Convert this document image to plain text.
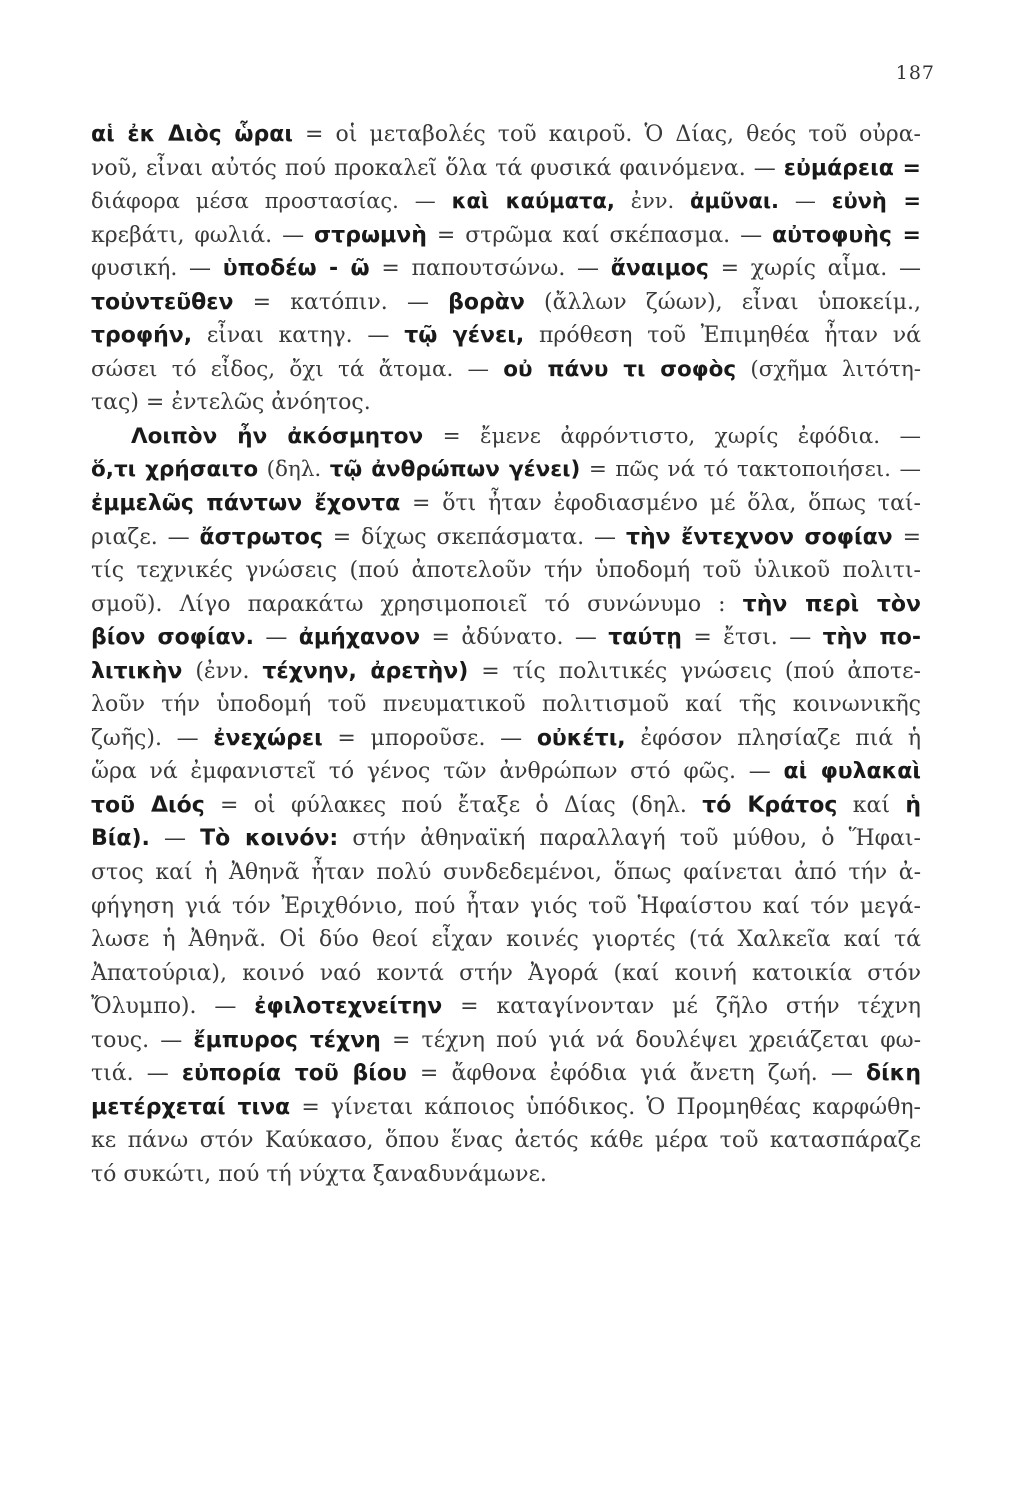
187
αἱ ἐκ Διὸς ὧραι = οἱ μεταβολές τοῦ καιροῦ. Ὁ Δίας, θεός τοῦ οὐρα-
νοῦ, εἶναι αὐτός πού προκαλεῖ ὅλα τά φυσικά φαινόμενα. — εὐμάρεια =
διάφορα μέσα προστασίας. — καὶ καύματα, ἐνν. ἀμῦναι. — εὐνὴ =
κρεβάτι, φωλιά. — στρωμνὴ = στρῶμα καί σκέπασμα. — αὐτοφυὴς =
φυσική. — ὑποδέω - ῶ = παπουτσώνω. — ἄναιμος = χωρίς αἷμα. —
τοὐντεῦθεν = κατόπιν. — βορὰν (ἄλλων ζώων), εἶναι ὑποκείμ.,
τροφήν, εἶναι κατηγ. — τῷ γένει, πρόθεση τοῦ Ἐπιμηθέα ἦταν νά
σώσει τό εἶδος, ὄχι τά ἄτομα. — οὐ πάνυ τι σοφὸς (σχῆμα λιτότη-
τας) = ἐντελῶς ἀνόητος.
Λοιπὸν ἦν ἀκόσμητον = ἔμενε ἀφρόντιστο, χωρίς ἐφόδια. —
ὅ,τι χρήσαιτο (δηλ. τῷ ἀνθρώπων γένει) = πῶς νά τό τακτοποιήσει. —
ἐμμελῶς πάντων ἔχοντα = ὅτι ἦταν ἐφοδιασμένο μέ ὅλα, ὅπως ταί-
ριαζε. — ἄστρωτος = δίχως σκεπάσματα. — τὴν ἔντεχνον σοφίαν =
τίς τεχνικές γνώσεις (πού ἀποτελοῦν τήν ὑποδομή τοῦ ὑλικοῦ πολιτι-
σμοῦ). Λίγο παρακάτω χρησιμοποιεῖ τό συνώνυμο : τὴν περὶ τὸν
βίον σοφίαν. — ἀμήχανον = ἀδύνατο. — ταύτῃ = ἔτσι. — τὴν πο-
λιτικὴν (ἐνν. τέχνην, ἀρετὴν) = τίς πολιτικές γνώσεις (πού ἀποτε-
λοῦν τήν ὑποδομή τοῦ πνευματικοῦ πολιτισμοῦ καί τῆς κοινωνικῆς
ζωῆς). — ἐνεχώρει = μποροῦσε. — οὐκέτι, ἐφόσον πλησίαζε πιά ἡ
ὥρα νά ἐμφανιστεῖ τό γένος τῶν ἀνθρώπων στό φῶς. — αἱ φυλακαὶ
τοῦ Διός = οἱ φύλακες πού ἔταξε ὁ Δίας (δηλ. τό Κράτος καί ἡ
Βία). — Τὸ κοινόν: στήν ἀθηναϊκή παραλλαγή τοῦ μύθου, ὁ Ἥφαι-
στος καί ἡ Ἀθηνᾶ ἦταν πολύ συνδεδεμένοι, ὅπως φαίνεται ἀπό τήν ἀ-
φήγηση γιά τόν Ἐριχθόνιο, πού ἦταν γιός τοῦ Ἡφαίστου καί τόν μεγά-
λωσε ἡ Ἀθηνᾶ. Οἱ δύο θεοί εἶχαν κοινές γιορτές (τά Χαλκεῖα καί τά
Ἀπατούρια), κοινό ναό κοντά στήν Ἀγορά (καί κοινή κατοικία στόν
Ὄλυμπο). — ἐφιλοτεχνείτην = καταγίνονταν μέ ζῆλο στήν τέχνη
τους. — ἔμπυρος τέχνη = τέχνη πού γιά νά δουλέψει χρειάζεται φω-
τιά. — εὐπορία τοῦ βίου = ἄφθονα ἐφόδια γιά ἄνετη ζωή. — δίκη
μετέρχεταί τινα = γίνεται κάποιος ὑπόδικος. Ὁ Προμηθέας καρφώθη-
κε πάνω στόν Καύκασο, ὅπου ἕνας ἀετός κάθε μέρα τοῦ κατασπάραζε
τό συκώτι, πού τή νύχτα ξαναδυνάμωνε.
